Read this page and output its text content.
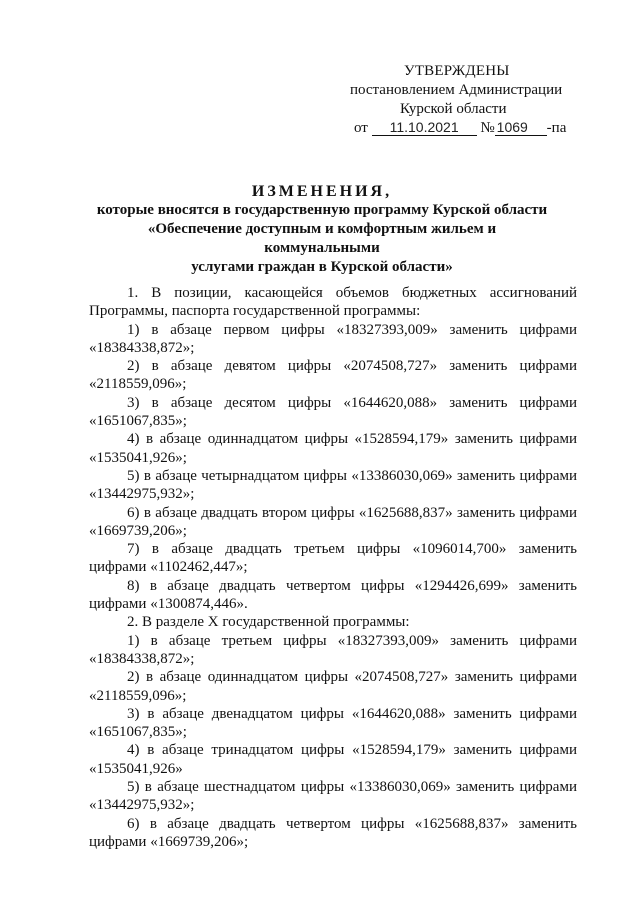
УТВЕРЖДЕНЫ
постановлением Администрации
Курской области
от 11.10.2021 № 1069 -па
ИЗМЕНЕНИЯ,
которые вносятся в государственную программу Курской области
«Обеспечение доступным и комфортным жильем и коммунальными
услугами граждан в Курской области»
1. В позиции, касающейся объемов бюджетных ассигнований Программы, паспорта государственной программы:
1) в абзаце первом цифры «18327393,009» заменить цифрами «18384338,872»;
2) в абзаце девятом цифры «2074508,727» заменить цифрами «2118559,096»;
3) в абзаце десятом цифры «1644620,088» заменить цифрами «1651067,835»;
4) в абзаце одиннадцатом цифры «1528594,179» заменить цифрами «1535041,926»;
5) в абзаце четырнадцатом цифры «13386030,069» заменить цифрами «13442975,932»;
6) в абзаце двадцать втором цифры «1625688,837» заменить цифрами «1669739,206»;
7) в абзаце двадцать третьем цифры «1096014,700» заменить цифрами «1102462,447»;
8) в абзаце двадцать четвертом цифры «1294426,699» заменить цифрами «1300874,446».
2. В разделе X государственной программы:
1) в абзаце третьем цифры «18327393,009» заменить цифрами «18384338,872»;
2) в абзаце одиннадцатом цифры «2074508,727» заменить цифрами «2118559,096»;
3) в абзаце двенадцатом цифры «1644620,088» заменить цифрами «1651067,835»;
4) в абзаце тринадцатом цифры «1528594,179» заменить цифрами «1535041,926»
5) в абзаце шестнадцатом цифры «13386030,069» заменить цифрами «13442975,932»;
6) в абзаце двадцать четвертом цифры «1625688,837» заменить цифрами «1669739,206»;
